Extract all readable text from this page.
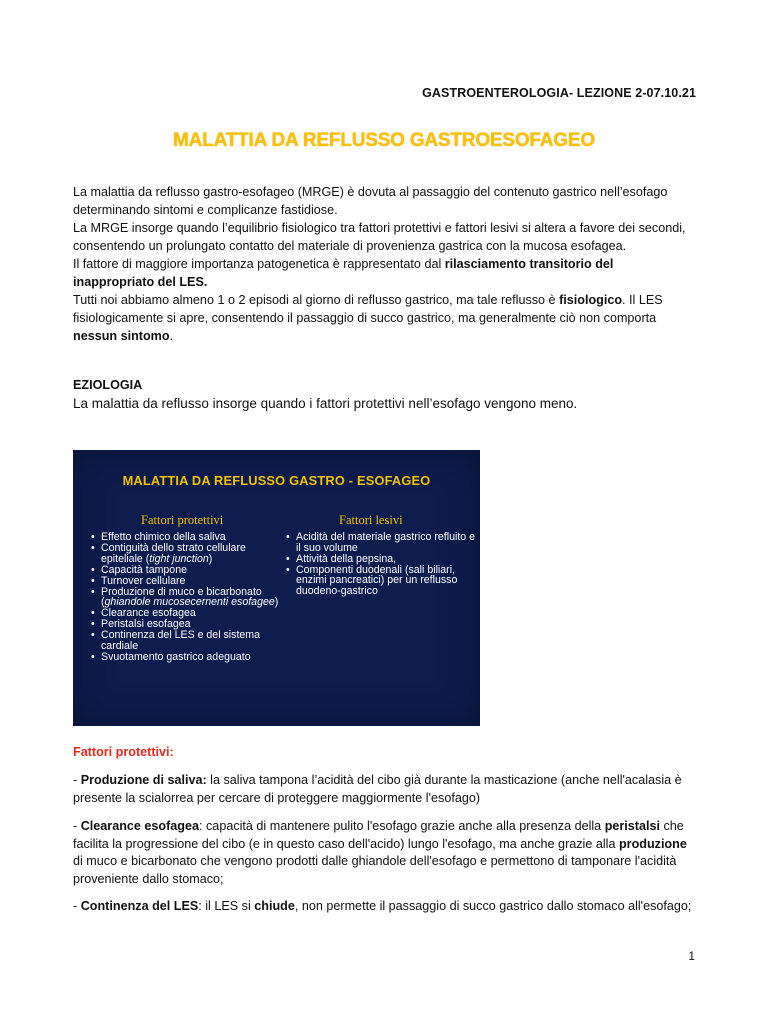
GASTROENTEROLOGIA- LEZIONE 2-07.10.21
MALATTIA DA REFLUSSO GASTROESOFAGEO

La malattia da reflusso gastro-esofageo (MRGE) è dovuta al passaggio del contenuto gastrico nell’esofago determinando sintomi e complicanze fastidiose.

La MRGE insorge quando l’equilibrio fisiologico tra fattori protettivi e fattori lesivi si altera a favore dei secondi, consentendo un prolungato contatto del materiale di provenienza gastrica con la mucosa esofagea.

Il fattore di maggiore importanza patogenetica è rappresentato dal rilasciamento transitorio del inappropriato del LES.

Tutti noi abbiamo almeno 1 o 2 episodi al giorno di reflusso gastrico, ma tale reflusso è fisiologico. Il LES fisiologicamente si apre, consentendo il passaggio di succo gastrico, ma generalmente ciò non comporta nessun sintomo.

EZIOLOGIA
La malattia da reflusso insorge quando i fattori protettivi nell’esofago vengono meno.
MALATTIA DA REFLUSSO GASTRO - ESOFAGEO
Fattori protettivi	Fattori lesivi
• Effetto chimico della saliva
• Contiguità dello strato cellulare epiteliale (tight junction)
• Capacità tampone
• Turnover cellulare
• Produzione di muco e bicarbonato (ghiandole mucosecernenti esofagee)
• Clearance esofagea
• Peristalsi esofagea
• Continenza del LES e del sistema cardiale
• Svuotamento gastrico adeguato
• Acidità del materiale gastrico refluito e il suo volume
• Attività della pepsina,
• Componenti duodenali (sali biliari, enzimi pancreatici) per un reflusso duodeno-gastrico
Fattori protettivi:

- Produzione di saliva: la saliva tampona l’acidità del cibo già durante la masticazione (anche nell'acalasia è presente la scialorrea per cercare di proteggere maggiormente l'esofago)

- Clearance esofagea: capacità di mantenere pulito l'esofago grazie anche alla presenza della peristalsi che facilita la progressione del cibo (e in questo caso dell'acido) lungo l'esofago, ma anche grazie alla produzione di muco e bicarbonato che vengono prodotti dalle ghiandole dell'esofago e permettono di tamponare l'acidità proveniente dallo stomaco;

- Continenza del LES: il LES si chiude, non permette il passaggio di succo gastrico dallo stomaco all'esofago;

1
